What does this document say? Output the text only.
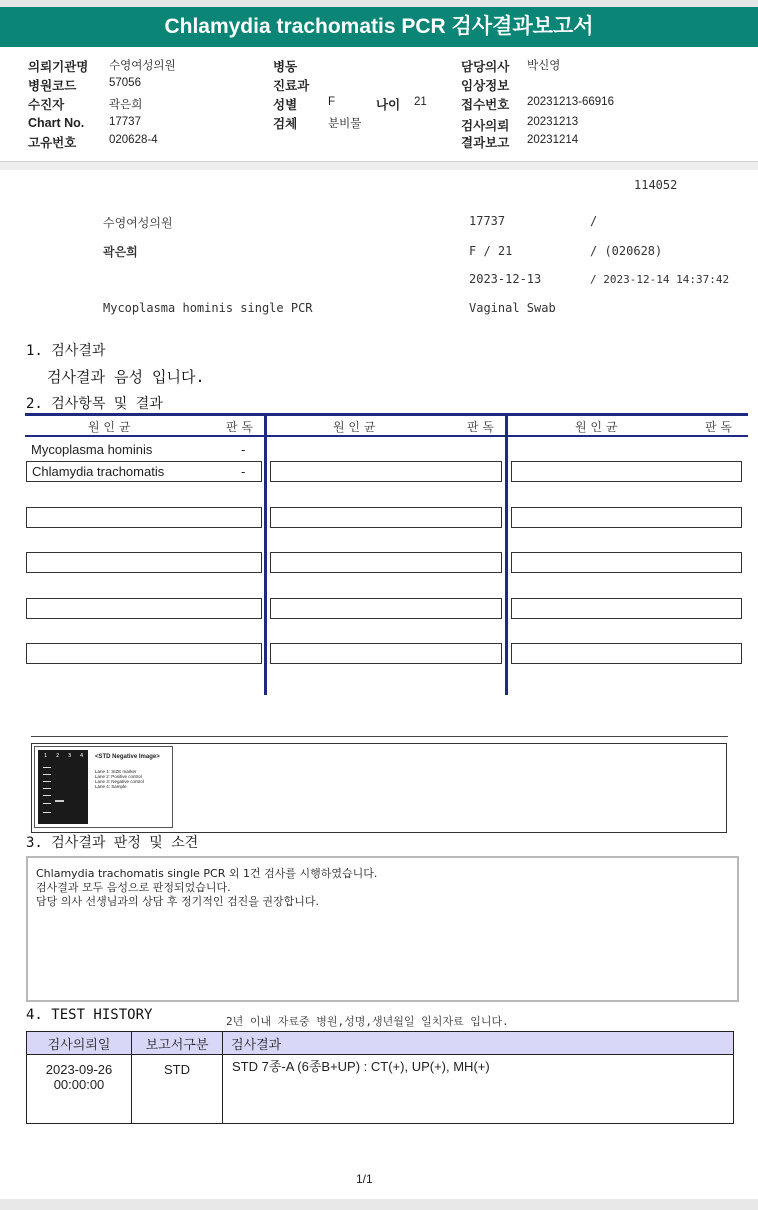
Chlamydia trachomatis PCR 검사결과보고서
의뢰기관명 수영여성의원
병원코드	57056
수진자	곽은희
Chart No. 17737
고유번호	020628-4
병동
진료과
성별	F	나이 21
검체	분비물
담당의사 박신영
임상정보
접수번호 20231213-66916
검사의뢰 20231213
결과보고 20231214
114052
수영여성의원	17737	/
곽은희	F / 21	/ (020628)
2023-12-13	/ 2023-12-14 14:37:42
Mycoplasma hominis single PCR	Vaginal Swab
1. 검사결과
검사결과 음성 입니다.
2. 검사항목 및 결과
원 인 균	판 독	원 인 균	판 독	원 인 균	판 독
Mycoplasma hominis	-
Chlamydia trachomatis	-
1 2 3 4 <STD Negative Image>
Lane 1: SIZE marker
Lane 2: Positive control
Lane 3: Negative control
Lane 4: Sample
3. 검사결과 판정 및 소견
Chlamydia trachomatis single PCR 외 1건 검사를 시행하였습니다.
검사결과 모두 음성으로 판정되었습니다.
담당 의사 선생님과의 상담 후 정기적인 검진을 권장합니다.
4. TEST HISTORY	2년 이내 자료중 병원,성명,생년월일 일치자료 입니다.
검사의뢰일	보고서구분	검사결과

2023-09-26
00:00:00	STD	STD 7종-A (6종B+UP) : CT(+), UP(+), MH(+)
1/1
